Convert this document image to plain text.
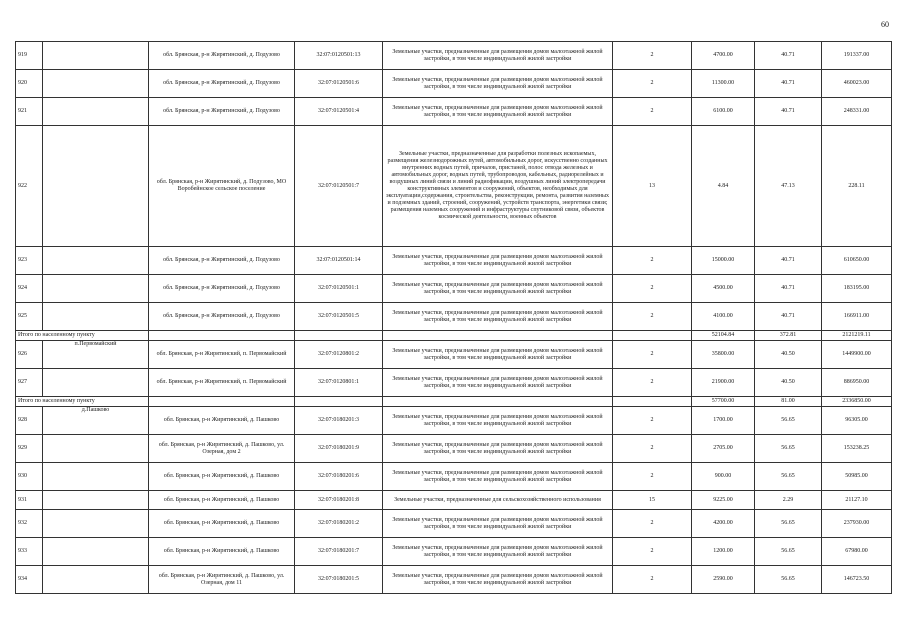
60
919		обл. Брянская, р-н Жирятинский, д. Подузово	32:07:0120501:13	Земельные участки, предназначенные для размещения домов малоэтажной жилой застройки, в том числе индивидуальной жилой застройки	2	4700.00	40.71	191337.00
920		обл. Брянская, р-н Жирятинский, д. Подузово	32:07:0120501:6	Земельные участки, предназначенные для размещения домов малоэтажной жилой застройки, в том числе индивидуальной жилой застройки	2	11300.00	40.71	460023.00
921		обл. Брянская, р-н Жирятинский, д. Подузово	32:07:0120501:4	Земельные участки, предназначенные для размещения домов малоэтажной жилой застройки, в том числе индивидуальной жилой застройки	2	6100.00	40.71	248331.00
922		обл. Брянская, р-н Жирятинский, д. Подузово, МО Воробейнское сельское поселение	32:07:0120501:7	Земельные участки, предназначенные для разработки полезных ископаемых, размещения железнодорожных путей, автомобильных дорог, искусственно созданных внутренних водных путей, причалов, пристаней, полос отвода железных и автомобильных дорог, водных путей, трубопроводов, кабельных, радиорелейных и воздушных линий связи и линий радиофикации, воздушных линий электропередачи конструктивных элементов и сооружений, объектов, необходимых для эксплуатации,содержания, строительства, реконструкции, ремонта, развития наземных и подземных зданий, строений, сооружений, устройств транспорта, энергетики связи; размещения наземных сооружений и инфраструктуры спутниковой связи, объектов космической деятельности, военных объектов	13	4.84	47.13	228.11
923		обл. Брянская, р-н Жирятинский, д. Подузово	32:07:0120501:14	Земельные участки, предназначенные для размещения домов малоэтажной жилой застройки, в том числе индивидуальной жилой застройки	2	15000.00	40.71	610650.00
924		обл. Брянская, р-н Жирятинский, д. Подузово	32:07:0120501:1	Земельные участки, предназначенные для размещения домов малоэтажной жилой застройки, в том числе индивидуальной жилой застройки	2	4500.00	40.71	183195.00
925		обл. Брянская, р-н Жирятинский, д. Подузово	32:07:0120501:5	Земельные участки, предназначенные для размещения домов малоэтажной жилой застройки, в том числе индивидуальной жилой застройки	2	4100.00	40.71	166911.00
Итого по населенному пункту						52104.84	372.81	2121219.11
926	п.Первомайский	обл. Брянская, р-н Жирятинский, п. Первомайский	32:07:0120801:2	Земельные участки, предназначенные для размещения домов малоэтажной жилой застройки, в том числе индивидуальной жилой застройки	2	35800.00	40.50	1449900.00
927		обл. Брянская, р-н Жирятинский, п. Первомайский	32:07:0120801:1	Земельные участки, предназначенные для размещения домов малоэтажной жилой застройки, в том числе индивидуальной жилой застройки	2	21900.00	40.50	886950.00
Итого по населенному пункту						57700.00	81.00	2336850.00
928	д.Пашково	обл. Брянская, р-н Жирятинский, д. Пашково	32:07:0180201:3	Земельные участки, предназначенные для размещения домов малоэтажной жилой застройки, в том числе индивидуальной жилой застройки	2	1700.00	56.65	96305.00
929		обл. Брянская, р-н Жирятинский, д. Пашково, ул. Озерная, дом 2	32:07:0180201:9	Земельные участки, предназначенные для размещения домов малоэтажной жилой застройки, в том числе индивидуальной жилой застройки	2	2705.00	56.65	153238.25
930		обл. Брянская, р-н Жирятинский, д. Пашково	32:07:0180201:6	Земельные участки, предназначенные для размещения домов малоэтажной жилой застройки, в том числе индивидуальной жилой застройки	2	900.00	56.65	50985.00
931		обл. Брянская, р-н Жирятинский, д. Пашково	32:07:0180201:8	Земельные участки, предназначенные для сельскохозяйственного использования	15	9225.00	2.29	21127.10
932		обл. Брянская, р-н Жирятинский, д. Пашково	32:07:0180201:2	Земельные участки, предназначенные для размещения домов малоэтажной жилой застройки, в том числе индивидуальной жилой застройки	2	4200.00	56.65	237930.00
933		обл. Брянская, р-н Жирятинский, д. Пашково	32:07:0180201:7	Земельные участки, предназначенные для размещения домов малоэтажной жилой застройки, в том числе индивидуальной жилой застройки	2	1200.00	56.65	67980.00
934		обл. Брянская, р-н Жирятинский, д. Пашково, ул. Озерная, дом 11	32:07:0180201:5	Земельные участки, предназначенные для размещения домов малоэтажной жилой застройки, в том числе индивидуальной жилой застройки	2	2590.00	56.65	146723.50
